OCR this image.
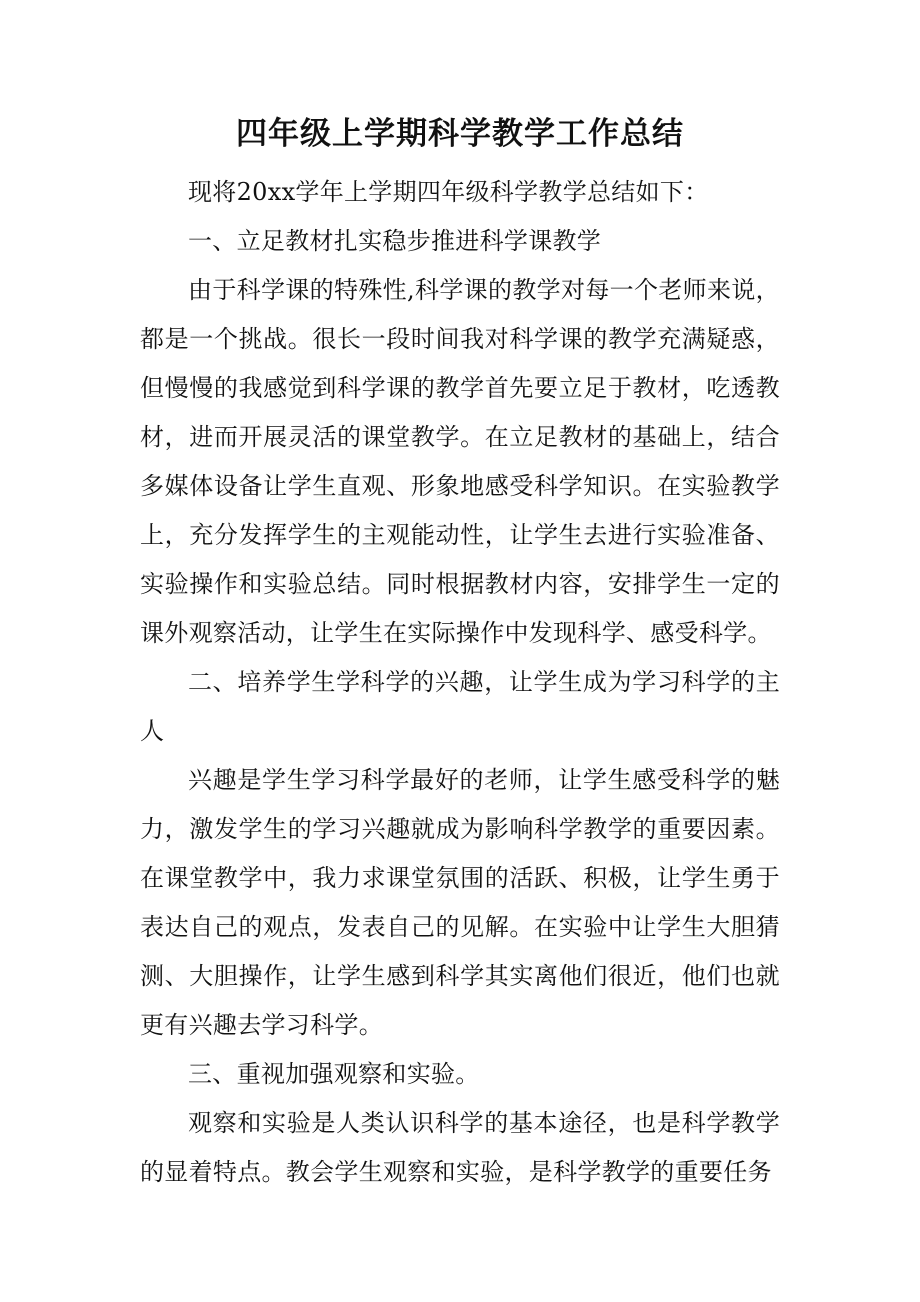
四年级上学期科学教学工作总结

现将20xx学年上学期四年级科学教学总结如下：

一、立足教材扎实稳步推进科学课教学

由于科学课的特殊性,科学课的教学对每一个老师来说，都是一个挑战。很长一段时间我对科学课的教学充满疑惑，但慢慢的我感觉到科学课的教学首先要立足于教材，吃透教材，进而开展灵活的课堂教学。在立足教材的基础上，结合多媒体设备让学生直观、形象地感受科学知识。在实验教学上，充分发挥学生的主观能动性，让学生去进行实验准备、实验操作和实验总结。同时根据教材内容，安排学生一定的课外观察活动，让学生在实际操作中发现科学、感受科学。

二、培养学生学科学的兴趣，让学生成为学习科学的主人

兴趣是学生学习科学最好的老师，让学生感受科学的魅力，激发学生的学习兴趣就成为影响科学教学的重要因素。在课堂教学中，我力求课堂氛围的活跃、积极，让学生勇于表达自己的观点，发表自己的见解。在实验中让学生大胆猜测、大胆操作，让学生感到科学其实离他们很近，他们也就更有兴趣去学习科学。

三、重视加强观察和实验。

观察和实验是人类认识科学的基本途径，也是科学教学的显着特点。教会学生观察和实验，是科学教学的重要任务
